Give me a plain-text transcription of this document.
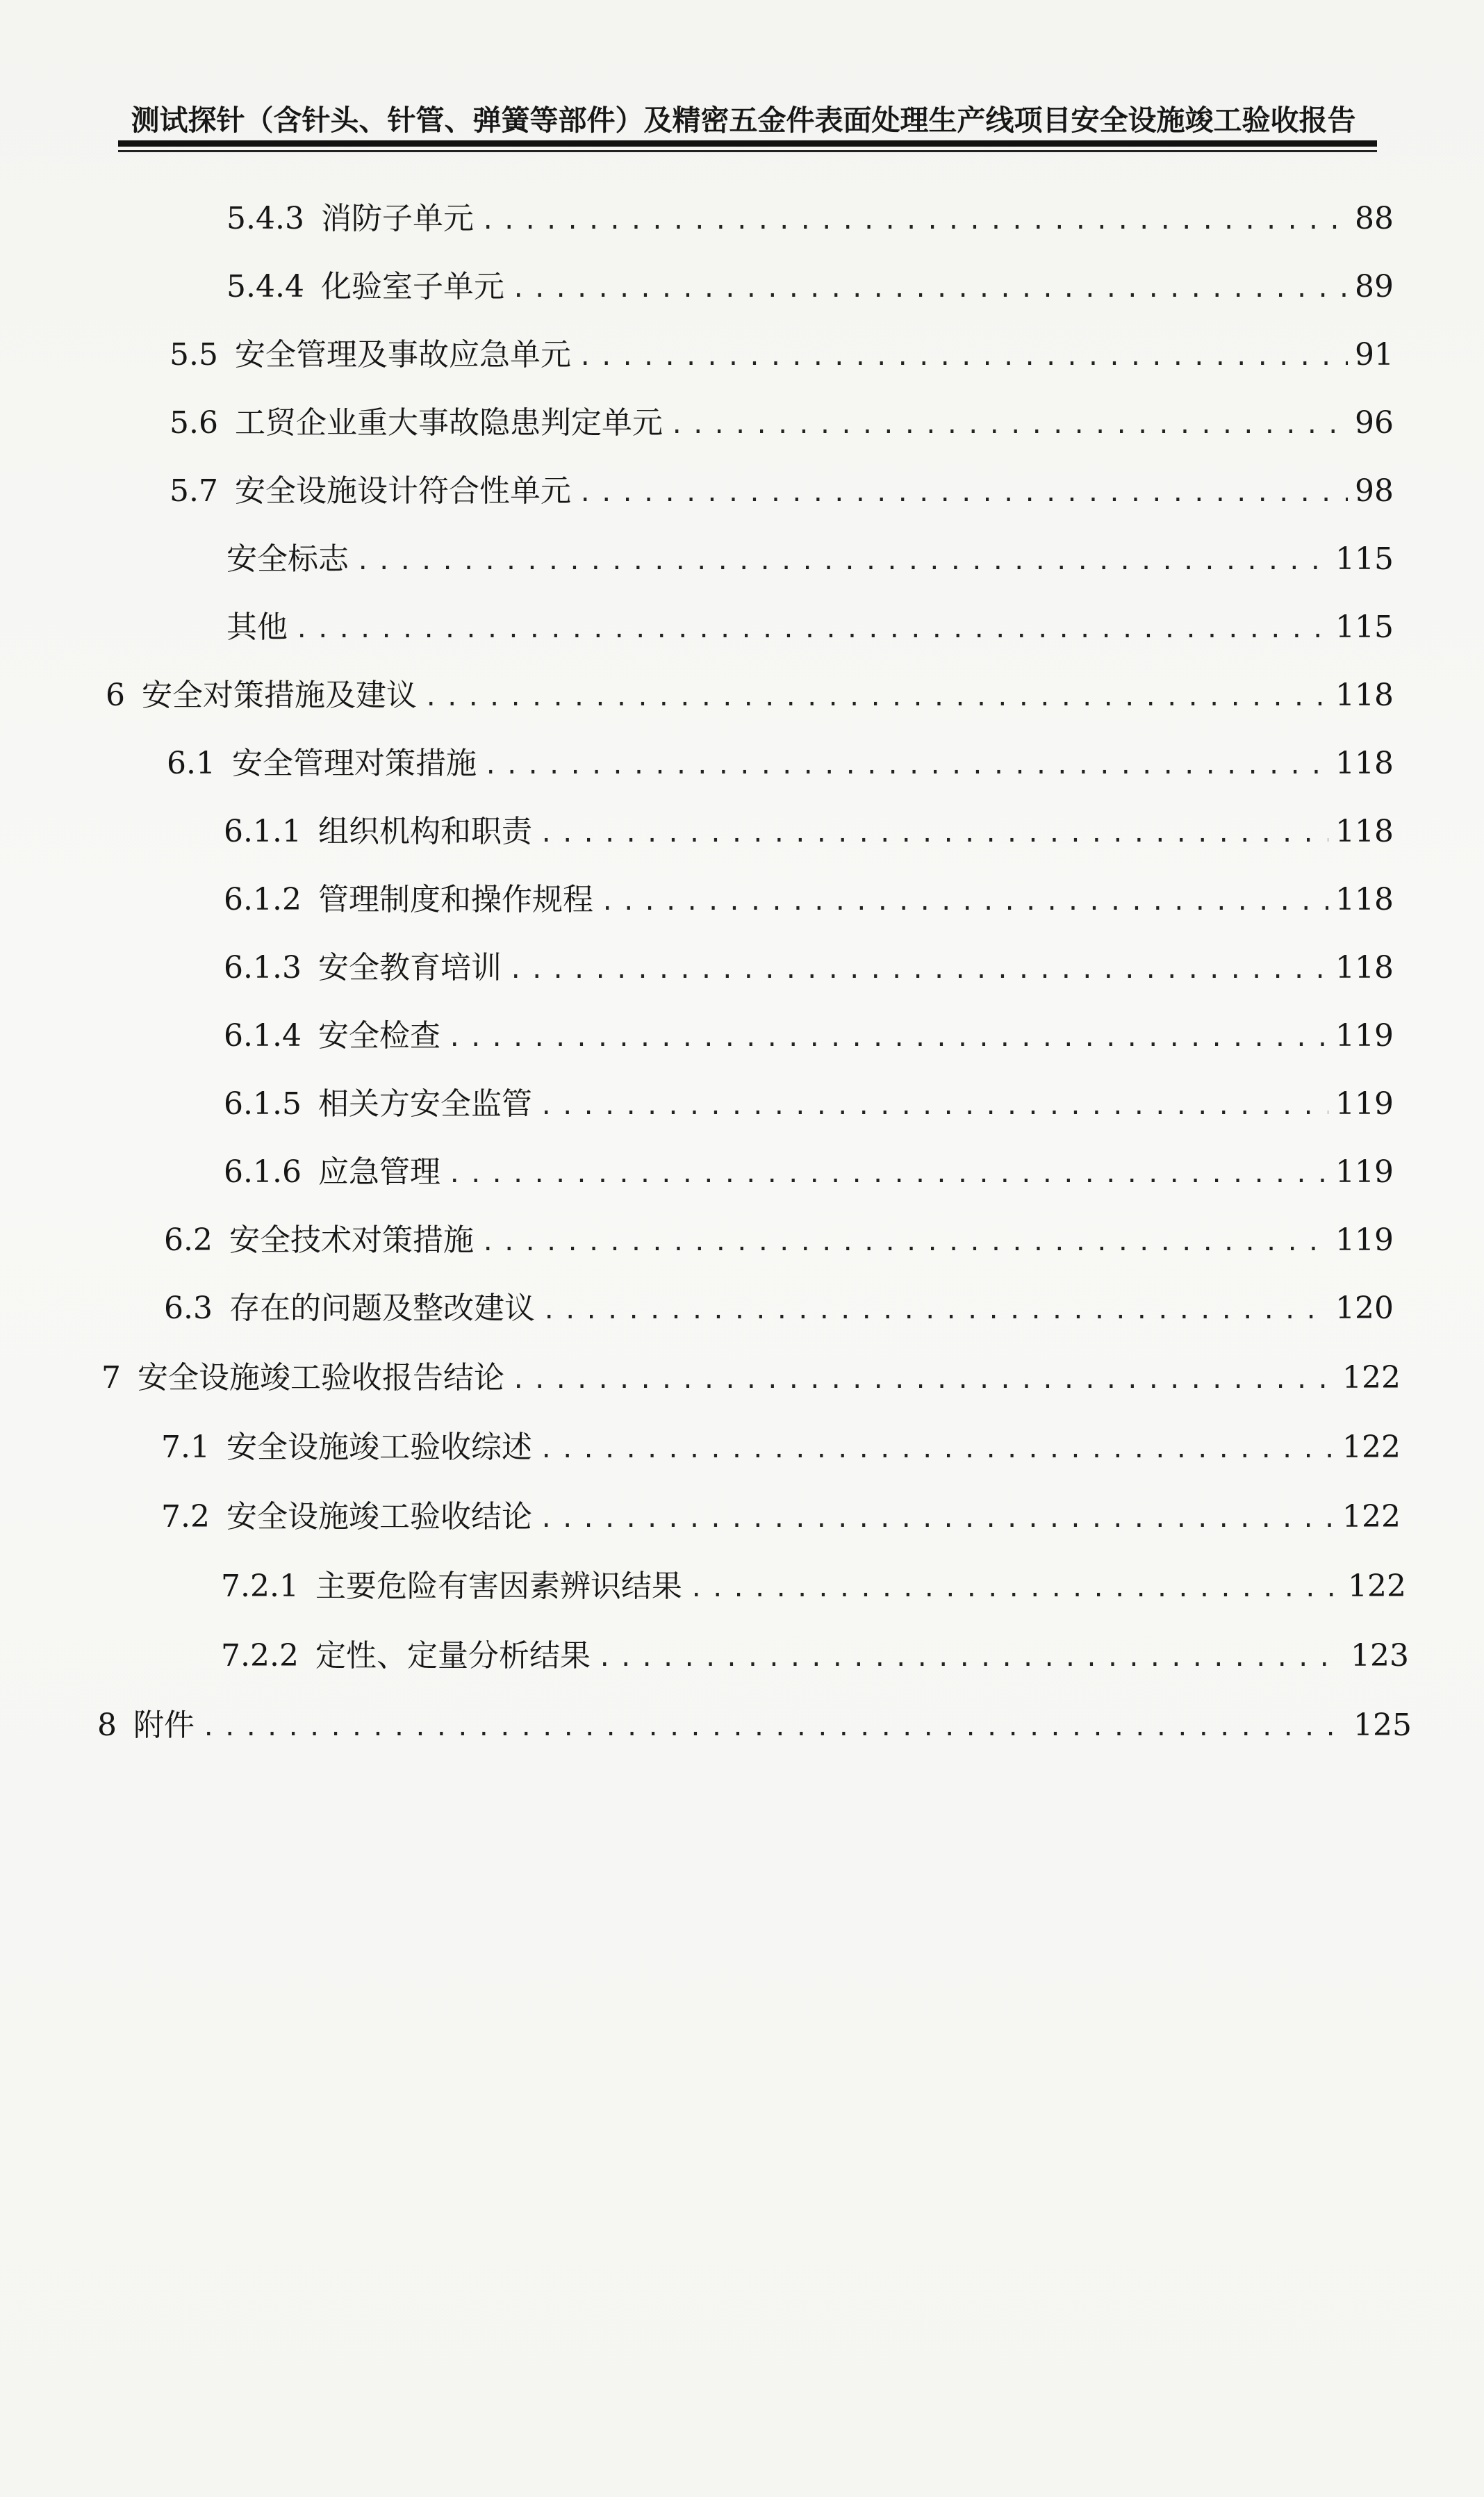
测试探针（含针头、针管、弹簧等部件）及精密五金件表面处理生产线项目安全设施竣工验收报告
5.4.3 消防子单元 .....	88
5.4.4 化验室子单元 .....	89
5.5 安全管理及事故应急单元 .....	91
5.6 工贸企业重大事故隐患判定单元 .....	96
5.7 安全设施设计符合性单元 .....	98
安全标志 .....	115
其他 .....	115
6 安全对策措施及建议 .....	118
6.1 安全管理对策措施 .....	118
6.1.1 组织机构和职责 .....	118
6.1.2 管理制度和操作规程 .....	118
6.1.3 安全教育培训 .....	118
6.1.4 安全检查 .....	119
6.1.5 相关方安全监管 .....	119
6.1.6 应急管理 .....	119
6.2 安全技术对策措施 .....	119
6.3 存在的问题及整改建议 .....	120
7 安全设施竣工验收报告结论 .....	122
7.1 安全设施竣工验收综述 .....	122
7.2 安全设施竣工验收结论 .....	122
7.2.1 主要危险有害因素辨识结果 .....	122
7.2.2 定性、定量分析结果 .....	123
8 附件 .....	125
